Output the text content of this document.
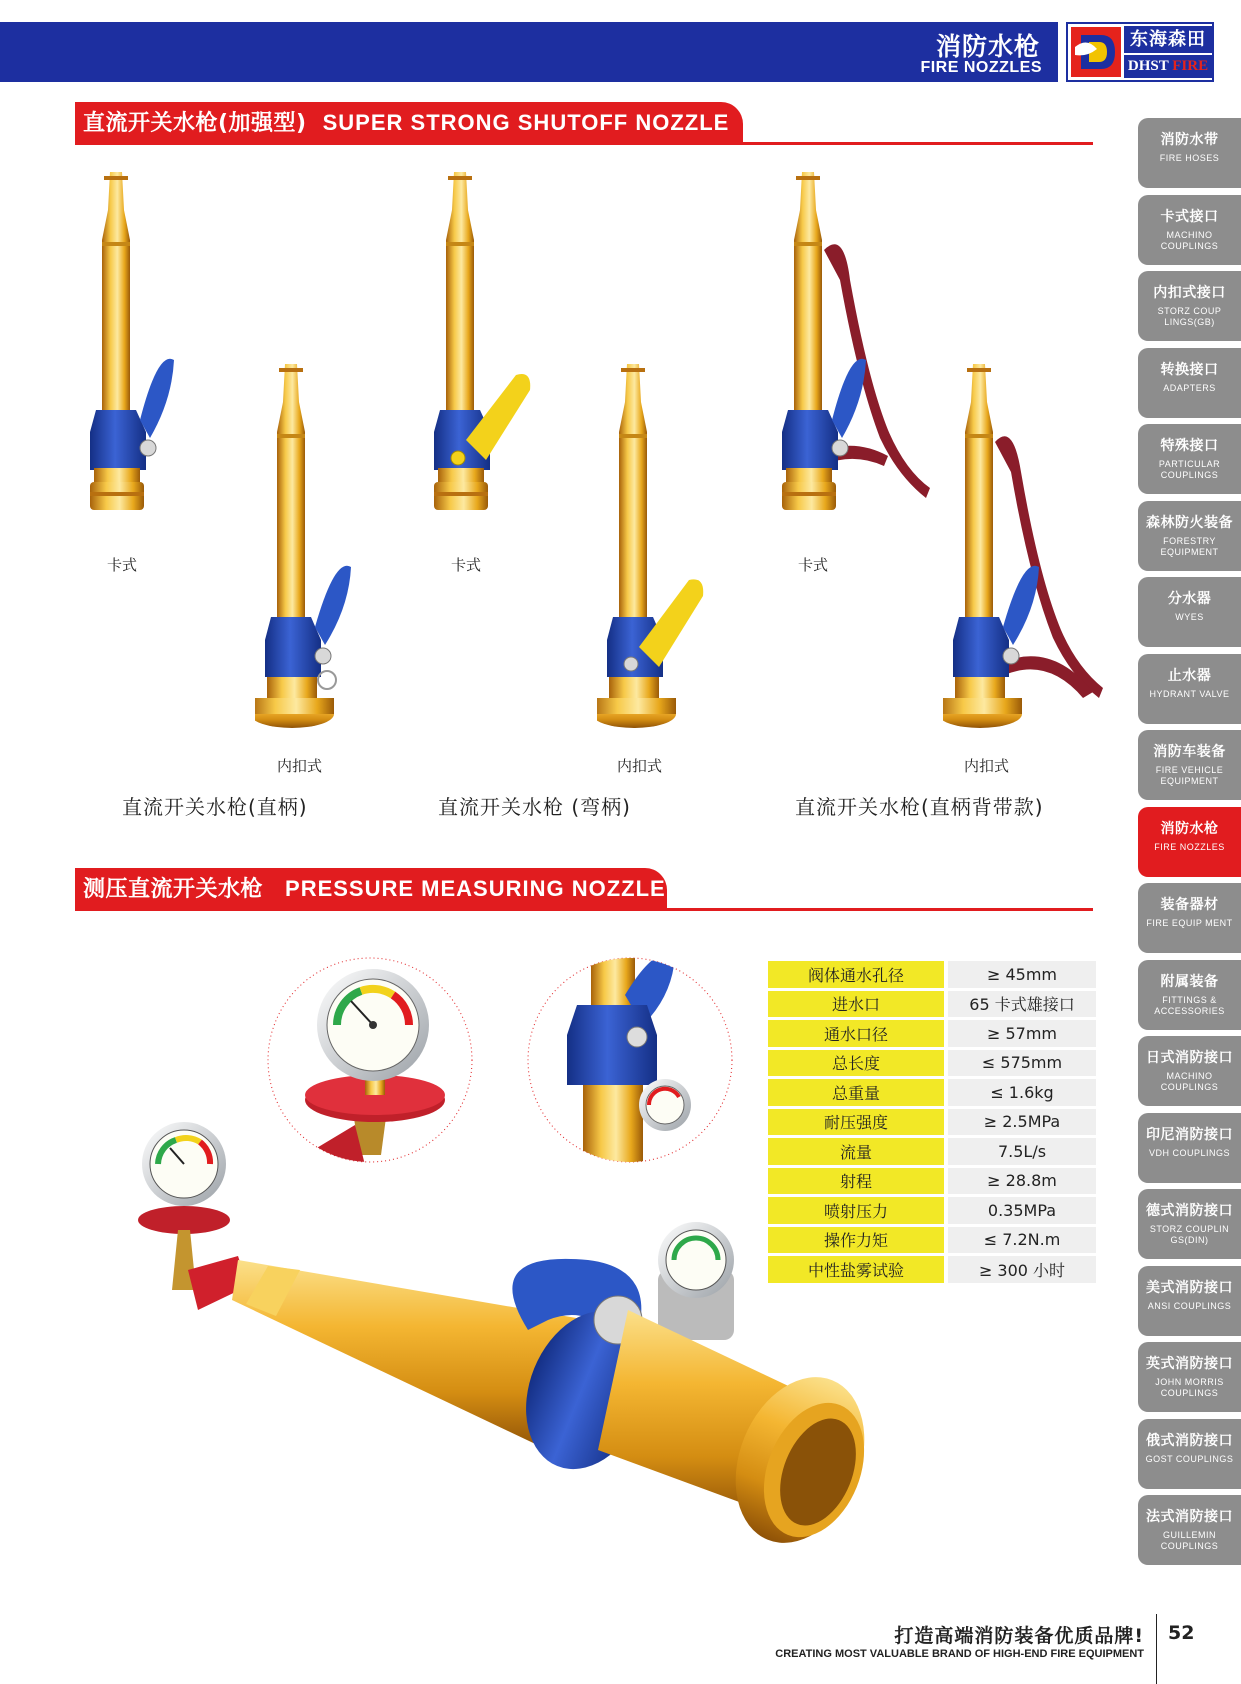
消防水枪
FIRE NOZZLES
东海森田
DHST FIRE
直流开关水枪(加强型) SUPER STRONG SHUTOFF NOZZLE
卡式
内扣式
直流开关水枪(直柄)
卡式
内扣式
直流开关水枪 (弯柄)
卡式
内扣式
直流开关水枪(直柄背带款)
测压直流开关水枪 PRESSURE MEASURING NOZZLE
阀体通水孔径		≥ 45mm
进水口		65 卡式雄接口
通水口径		≥ 57mm
总长度		≤ 575mm
总重量		≤ 1.6kg
耐压强度		≥ 2.5MPa
流量		7.5L/s
射程		≥ 28.8m
喷射压力		0.35MPa
操作力矩		≤ 7.2N.m
中性盐雾试验		≥ 300 小时
消防水带
FIRE HOSES
卡式接口
MACHINO COUPLINGS
内扣式接口
STORZ COUP LINGS(GB)
转换接口
ADAPTERS
特殊接口
PARTICULAR COUPLINGS
森林防火装备
FORESTRY EQUIPMENT
分水器
WYES
止水器
HYDRANT VALVE
消防车装备
FIRE VEHICLE EQUIPMENT
消防水枪
FIRE NOZZLES
装备器材
FIRE EQUIP MENT
附属装备
FITTINGS & ACCESSORIES
日式消防接口
MACHINO COUPLINGS
印尼消防接口
VDH COUPLINGS
德式消防接口
STORZ COUPLIN GS(DIN)
美式消防接口
ANSI COUPLINGS
英式消防接口
JOHN MORRIS COUPLINGS
俄式消防接口
GOST COUPLINGS
法式消防接口
GUILLEMIN COUPLINGS
打造高端消防装备优质品牌!
CREATING MOST VALUABLE BRAND OF HIGH-END FIRE EQUIPMENT
52
